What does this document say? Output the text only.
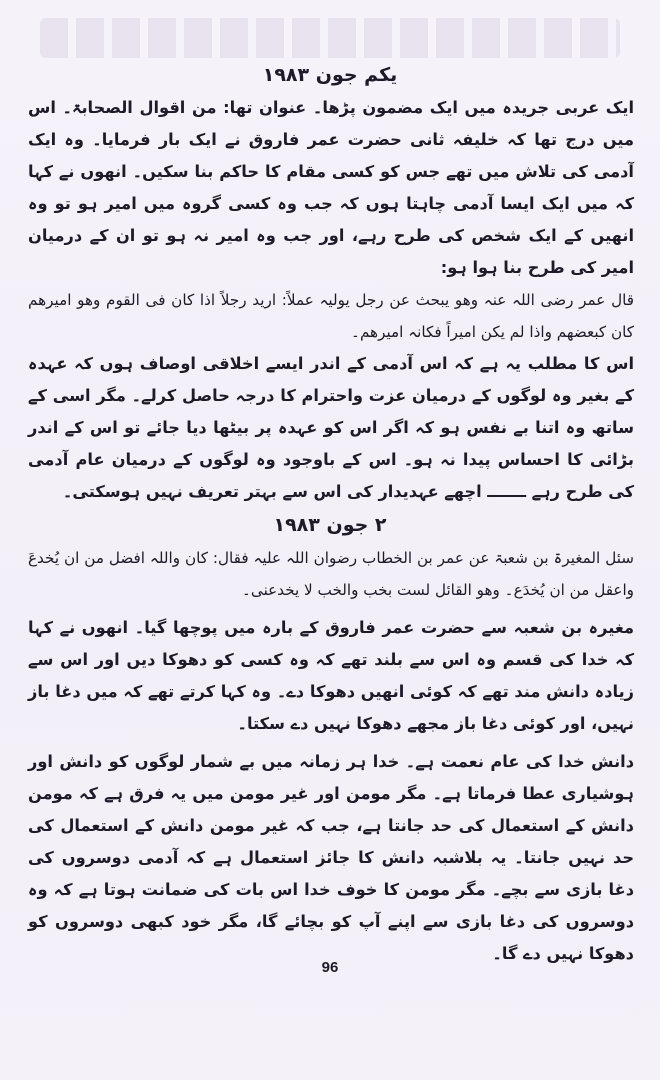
یکم جون ۱۹۸۳

ایک عربی جریدہ میں ایک مضمون پڑھا۔ عنوان تھا: من اقوال الصحابۃ۔ اس میں درج تھا کہ خلیفہ ثانی حضرت عمر فاروق نے ایک بار فرمایا۔ وہ ایک آدمی کی تلاش میں تھے جس کو کسی مقام کا حاکم بنا سکیں۔ انھوں نے کہا کہ میں ایک ایسا آدمی چاہتا ہوں کہ جب وہ کسی گروہ میں امیر ہو تو وہ انھیں کے ایک شخص کی طرح رہے، اور جب وہ امیر نہ ہو تو ان کے درمیان امیر کی طرح بنا ہوا ہو:

قال عمر رضی اللہ عنہ وھو یبحث عن رجل یولیہ عملاً: ارید رجلاً اذا کان فی القوم وھو امیرھم کان کبعضھم واذا لم یکن امیراً فکانہ امیرھم۔

اس کا مطلب یہ ہے کہ اس آدمی کے اندر ایسے اخلاقی اوصاف ہوں کہ عہدہ کے بغیر وہ لوگوں کے درمیان عزت واحترام کا درجہ حاصل کرلے۔ مگر اسی کے ساتھ وہ اتنا بے نفس ہو کہ اگر اس کو عہدہ پر بیٹھا دیا جائے تو اس کے اندر بڑائی کا احساس پیدا نہ ہو۔ اس کے باوجود وہ لوگوں کے درمیان عام آدمی کی طرح رہے ـــــــ اچھے عہدیدار کی اس سے بہتر تعریف نہیں ہوسکتی۔

۲ جون ۱۹۸۳

سئل المغیرۃ بن شعبۃ عن عمر بن الخطاب رضوان اللہ علیہ فقال: کان واللہ افضل من ان یُخدعَ واعقل من ان یُخدَع۔ وھو القائل لست بخب والخب لا یخدعنی۔

مغیرہ بن شعبہ سے حضرت عمر فاروق کے بارہ میں پوچھا گیا۔ انھوں نے کہا کہ خدا کی قسم وہ اس سے بلند تھے کہ وہ کسی کو دھوکا دیں اور اس سے زیادہ دانش مند تھے کہ کوئی انھیں دھوکا دے۔ وہ کہا کرتے تھے کہ میں دغا باز نہیں، اور کوئی دغا باز مجھے دھوکا نہیں دے سکتا۔

دانش خدا کی عام نعمت ہے۔ خدا ہر زمانہ میں بے شمار لوگوں کو دانش اور ہوشیاری عطا فرماتا ہے۔ مگر مومن اور غیر مومن میں یہ فرق ہے کہ مومن دانش کے استعمال کی حد جانتا ہے، جب کہ غیر مومن دانش کے استعمال کی حد نہیں جانتا۔ یہ بلاشبہ دانش کا جائز استعمال ہے کہ آدمی دوسروں کی دغا بازی سے بچے۔ مگر مومن کا خوف خدا اس بات کی ضمانت ہوتا ہے کہ وہ دوسروں کی دغا بازی سے اپنے آپ کو بچائے گا، مگر خود کبھی دوسروں کو دھوکا نہیں دے گا۔

96
